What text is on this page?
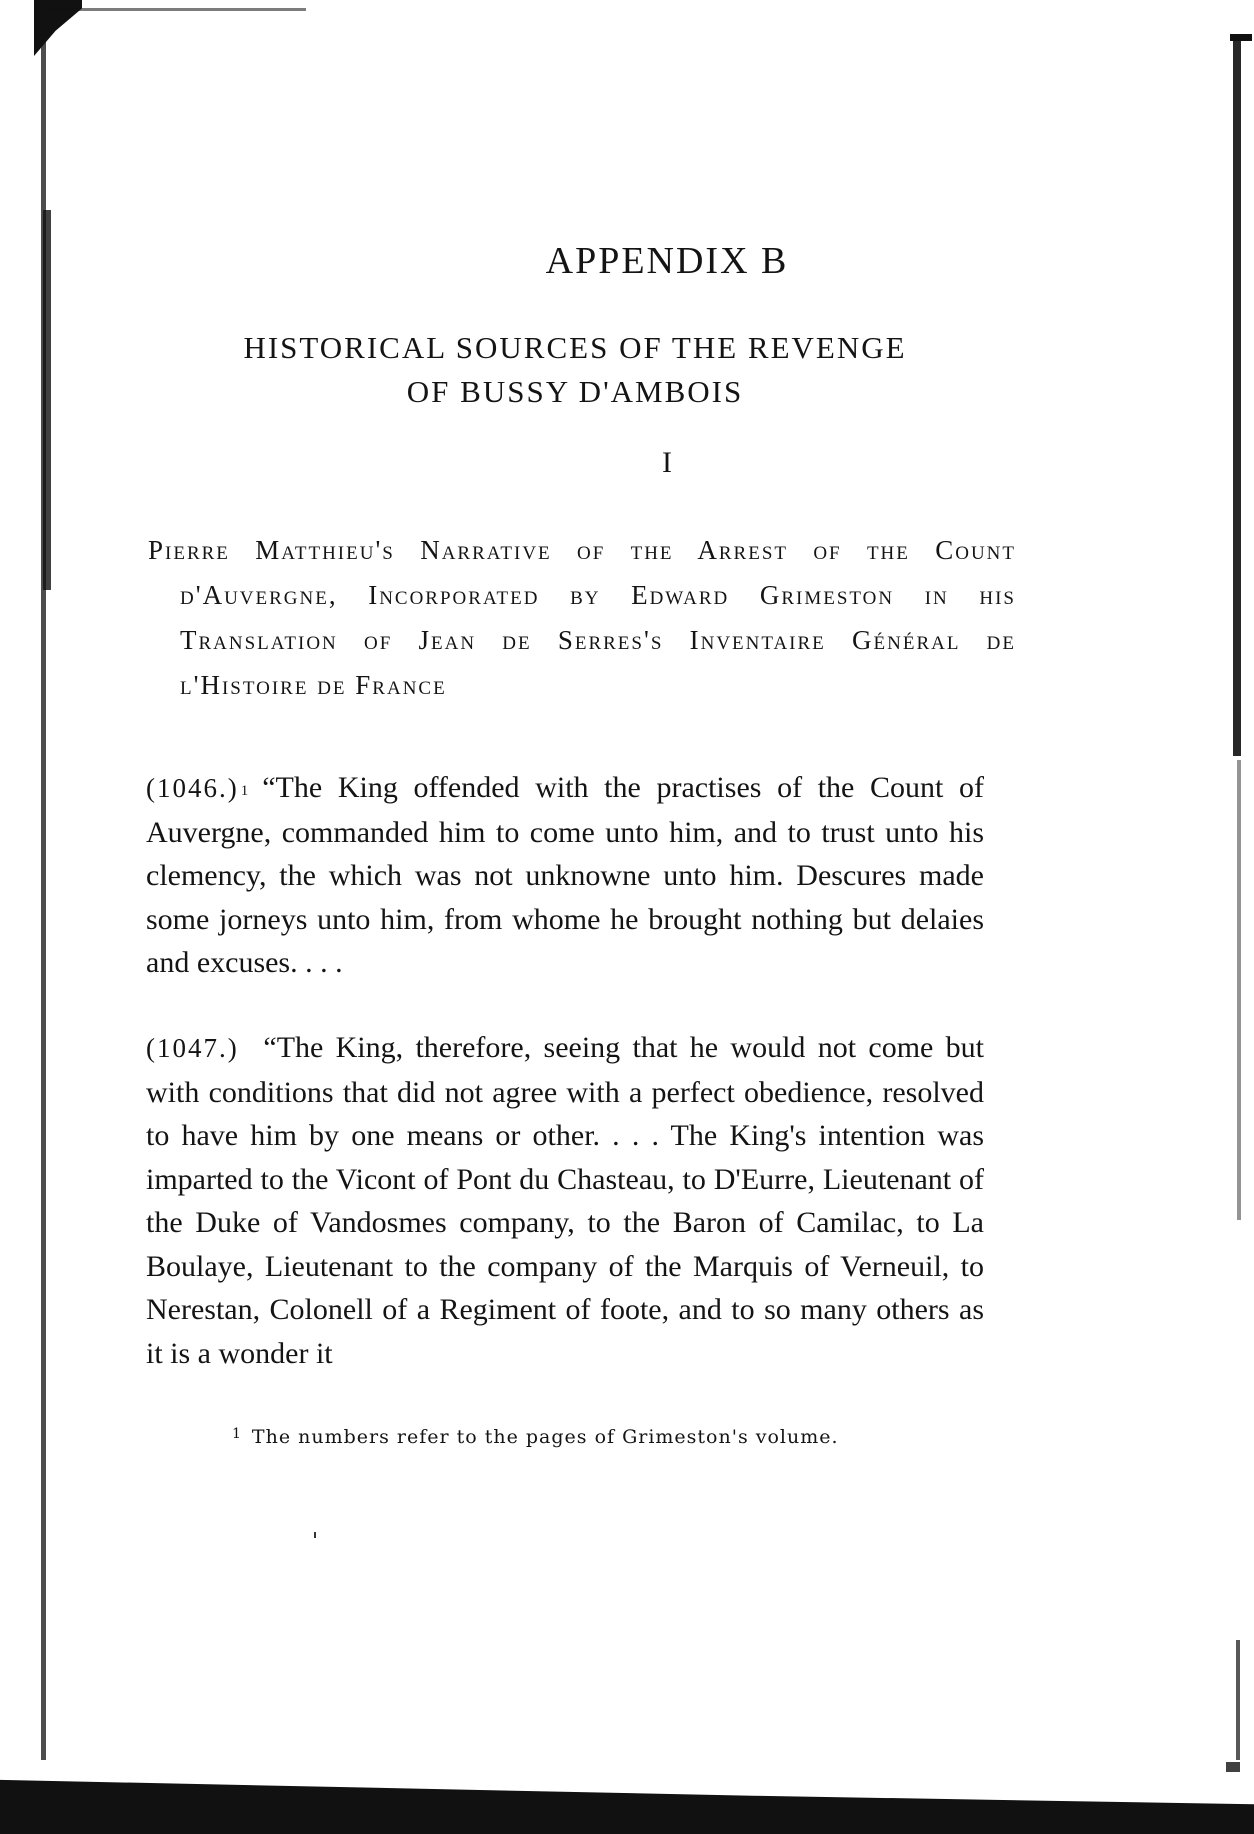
APPENDIX B
HISTORICAL SOURCES OF THE REVENGE
OF BUSSY D'AMBOIS
I
Pierre Matthieu's Narrative of the Arrest of the Count d'Auvergne, Incorporated by Edward Grimeston in his Translation of Jean de Serres's Inventaire Général de l'Histoire de France

(1046.) $^1$ “The King offended with the practises of the Count of Auvergne, commanded him to come unto him, and to trust unto his clemency, the which was not unknowne unto him. Descures made some jorneys unto him, from whome he brought nothing but delaies and excuses. . . .

(1047.) “The King, therefore, seeing that he would not come but with conditions that did not agree with a perfect obedience, resolved to have him by one means or other. . . . The King's intention was imparted to the Vicont of Pont du Chasteau, to D'Eurre, Lieutenant of the Duke of Vandosmes company, to the Baron of Camilac, to La Boulaye, Lieutenant to the company of the Marquis of Verneuil, to Nerestan, Colonell of a Regiment of foote, and to so many others as it is a wonder it

$^1$ The numbers refer to the pages of Grimeston's volume.
